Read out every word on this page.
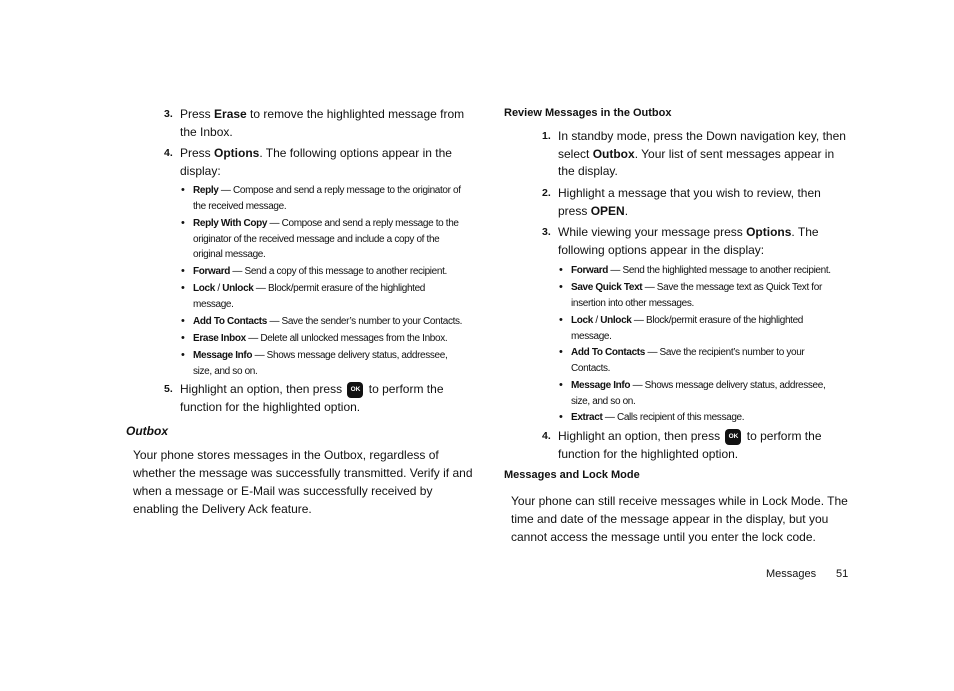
3. Press Erase to remove the highlighted message from the Inbox.
4. Press Options. The following options appear in the display:
• Reply — Compose and send a reply message to the originator of the received message.
• Reply With Copy — Compose and send a reply message to the originator of the received message and include a copy of the original message.
• Forward — Send a copy of this message to another recipient.
• Lock / Unlock — Block/permit erasure of the highlighted message.
• Add To Contacts — Save the sender’s number to your Contacts.
• Erase Inbox — Delete all unlocked messages from the Inbox.
• Message Info — Shows message delivery status, addressee, size, and so on.
5. Highlight an option, then press OK to perform the function for the highlighted option.
Outbox
Your phone stores messages in the Outbox, regardless of whether the message was successfully transmitted. Verify if and when a message or E-Mail was successfully received by enabling the Delivery Ack feature.
Review Messages in the Outbox
1. In standby mode, press the Down navigation key, then select Outbox. Your list of sent messages appear in the display.
2. Highlight a message that you wish to review, then press OPEN.
3. While viewing your message press Options. The following options appear in the display:
• Forward — Send the highlighted message to another recipient.
• Save Quick Text — Save the message text as Quick Text for insertion into other messages.
• Lock / Unlock — Block/permit erasure of the highlighted message.
• Add To Contacts — Save the recipient’s number to your Contacts.
• Message Info — Shows message delivery status, addressee, size, and so on.
• Extract — Calls recipient of this message.
4. Highlight an option, then press OK to perform the function for the highlighted option.
Messages and Lock Mode
Your phone can still receive messages while in Lock Mode. The time and date of the message appear in the display, but you cannot access the message until you enter the lock code.
Messages 51
